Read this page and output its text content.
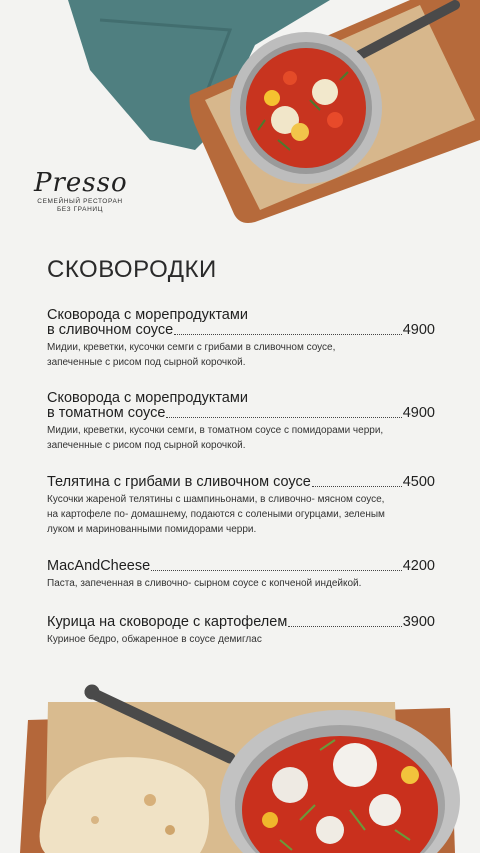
Presso
СЕМЕЙНЫЙ РЕСТОРАН
БЕЗ ГРАНИЦ
СКОВОРОДКИ
Сковорода с морепродуктами
в сливочном соусе	4900
Мидии, креветки, кусочки семги с грибами в сливочном соусе,
запеченные с рисом под сырной корочкой.
Сковорода с морепродуктами
в томатном соусе	4900
Мидии, креветки, кусочки семги, в томатном соусе с помидорами черри,
запеченные с рисом под сырной корочкой.
Телятина с грибами в сливочном соусе	4500
Кусочки жареной телятины с шампиньонами, в сливочно- мясном соусе,
на картофеле по- домашнему, подаются с солеными огурцами, зеленым
луком и маринованными помидорами черри.
MacAndCheese	4200
Паста, запеченная в сливочно- сырном соусе с копченой индейкой.
Курица на сковороде с картофелем	3900
Куриное бедро, обжаренное в соусе демиглас
